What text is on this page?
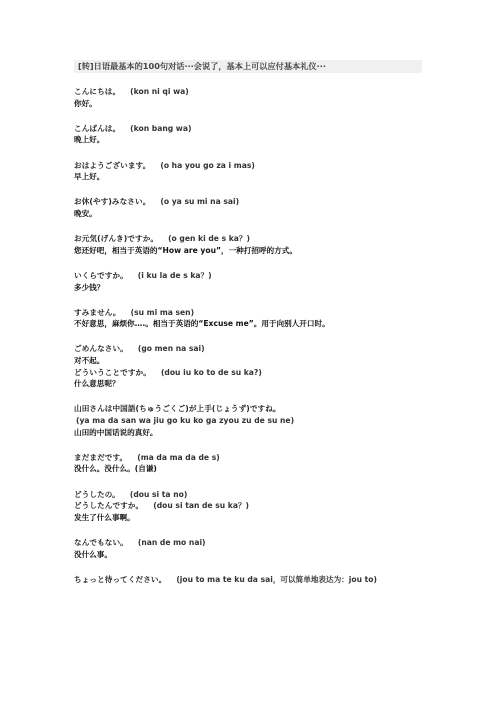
[转]日语最基本的100句对话···会说了，基本上可以应付基本礼仪···
こんにちは。 (kon ni qi wa)
你好。
こんばんは。 (kon bang wa)
晚上好。
おはようございます。 (o ha you go za i mas)
早上好。
お休(やす)みなさい。 (o ya su mi na sai)
晚安。
お元気(げんき)ですか。 (o gen ki de s ka？)
您还好吧，相当于英语的“How are you”，一种打招呼的方式。
いくらですか。 (i ku la de s ka？)
多少钱？
すみません。 (su mi ma sen)
不好意思，麻烦你….。相当于英语的“Excuse me”。用于向别人开口时。
ごめんなさい。 (go men na sai)
对不起。
どういうことですか。 (dou iu ko to de su ka?)
什么意思呢？
山田さんは中国語(ちゅうごくご)が上手(じょうず)ですね。
(ya ma da san wa jiu go ku ko ga zyou zu de su ne)
山田的中国话说的真好。
まだまだです。 (ma da ma da de s)
没什么。没什么。(自谦)
どうしたの。 (dou si ta no)
どうしたんですか。 (dou si tan de su ka？)
发生了什么事啊。
なんでもない。 (nan de mo nai)
没什么事。
ちょっと待ってください。 (jou to ma te ku da sai，可以简单地表达为：jou to)
